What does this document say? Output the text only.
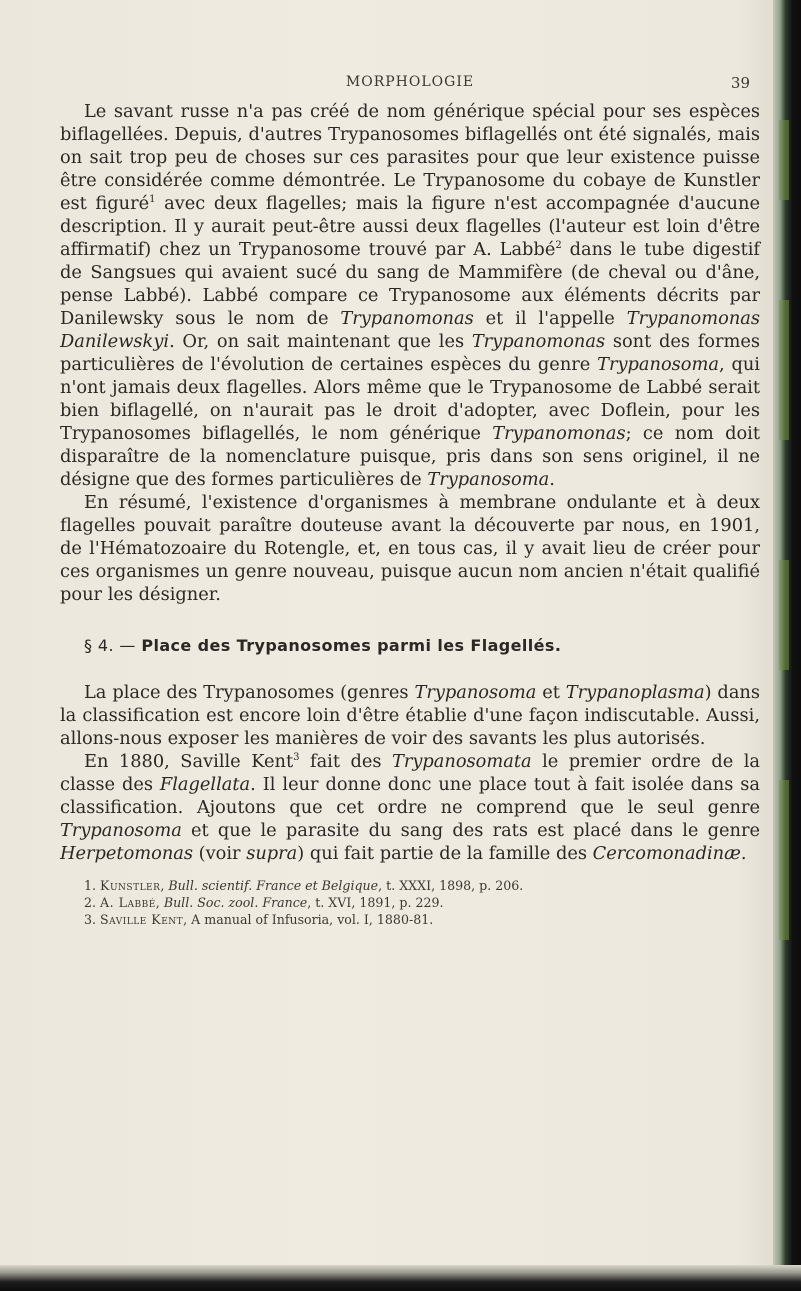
MORPHOLOGIE	39

Le savant russe n'a pas créé de nom générique spécial pour ses espèces biflagellées. Depuis, d'autres Trypanosomes biflagellés ont été signalés, mais on sait trop peu de choses sur ces parasites pour que leur existence puisse être considérée comme démontrée. Le Trypanosome du cobaye de Kunstler est figuré$^1$ avec deux flagelles; mais la figure n'est accompagnée d'aucune description. Il y aurait peut-être aussi deux flagelles (l'auteur est loin d'être affirmatif) chez un Trypanosome trouvé par A. Labbé$^2$ dans le tube digestif de Sangsues qui avaient sucé du sang de Mammifère (de cheval ou d'âne, pense Labbé). Labbé compare ce Trypanosome aux éléments décrits par Danilewsky sous le nom de Trypanomonas et il l'appelle Trypanomonas Danilewskyi. Or, on sait maintenant que les Trypanomonas sont des formes particulières de l'évolution de certaines espèces du genre Trypanosoma, qui n'ont jamais deux flagelles. Alors même que le Trypanosome de Labbé serait bien biflagellé, on n'aurait pas le droit d'adopter, avec Doflein, pour les Trypanosomes biflagellés, le nom générique Trypanomonas; ce nom doit disparaître de la nomenclature puisque, pris dans son sens originel, il ne désigne que des formes particulières de Trypanosoma.

En résumé, l'existence d'organismes à membrane ondulante et à deux flagelles pouvait paraître douteuse avant la découverte par nous, en 1901, de l'Hématozoaire du Rotengle, et, en tous cas, il y avait lieu de créer pour ces organismes un genre nouveau, puisque aucun nom ancien n'était qualifié pour les désigner.

§ 4. — Place des Trypanosomes parmi les Flagellés.

La place des Trypanosomes (genres Trypanosoma et Trypanoplasma) dans la classification est encore loin d'être établie d'une façon indiscutable. Aussi, allons-nous exposer les manières de voir des savants les plus autorisés.

En 1880, Saville Kent$^3$ fait des Trypanosomata le premier ordre de la classe des Flagellata. Il leur donne donc une place tout à fait isolée dans sa classification. Ajoutons que cet ordre ne comprend que le seul genre Trypanosoma et que le parasite du sang des rats est placé dans le genre Herpetomonas (voir supra) qui fait partie de la famille des Cercomonadinæ.

1. Kunstler, Bull. scientif. France et Belgique, t. XXXI, 1898, p. 206.

2. A. Labbé, Bull. Soc. zool. France, t. XVI, 1891, p. 229.

3. Saville Kent, A manual of Infusoria, vol. I, 1880-81.
